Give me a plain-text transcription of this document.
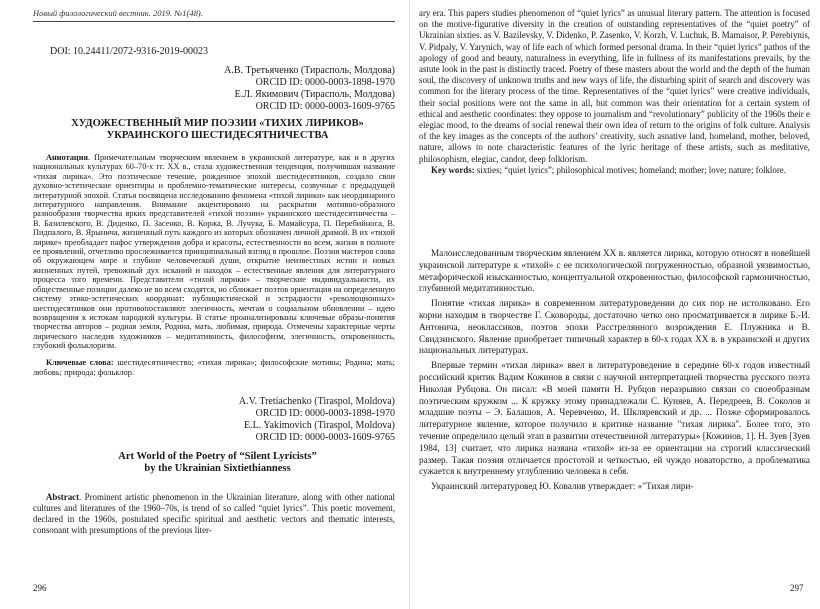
Новый филологический вестник. 2019. №1(48).
DOI: 10.24411/2072-9316-2019-00023
А.В. Третьяченко (Тирасполь, Молдова)
ORCID ID: 0000-0003-1898-1970
Е.Л. Якимович (Тирасполь, Молдова)
ORCID ID: 0000-0003-1609-9765
ХУДОЖЕСТВЕННЫЙ МИР ПОЭЗИИ «ТИХИХ ЛИРИКОВ»
УКРАИНСКОГО ШЕСТИДЕСЯТНИЧЕСТВА

Аннотация. Примечательным творческим явлением в украинской литературе, как и в других национальных культурах 60–70-х гг. ХХ в., стала художественная тенденция, получившая название «тихая лирика». Это поэтическое течение, рожденное эпохой шестидесятников, создало свои духовно-эстетические ориентиры и проблемно-тематические интересы, созвучные с предыдущей литературной эпохой. Статья посвящена исследованию феномена «тихой лирики» как неординарного литературного направления. Внимание акцентировано на раскрытии мотивно-образного разнообразия творчества ярких представителей «тихой поэзии» украинского шестидесятничества – В. Базилевского, В. Диденко, П. Засенко, В. Коржа, В. Лучука, Б. Мамайсура, П. Перебийноса, В. Пидпалого, В. Ярынича, жизненный путь каждого из которых обозначен личной драмой. В их «тихой лирике» преобладает пафос утверждения добра и красоты, естественности во всем, жизни в полноте ее проявлений, отчетливо прослеживается принципиальный взгляд в прошлое. Поэзия мастеров слова об окружающем мире и глубине человеческой души, открытие неизвестных истин и новых жизненных путей, тревожный дух исканий и находок – естественные явления для литературного процесса того времени. Представители «тихой лирики» – творческие индивидуальности, их общественные позиции далеко не во всем сходятся, но сближает поэтов ориентация на определенную систему этико-эстетических координат: публицистической и эстрадности «революционных» шестидесятников они противопоставляют элегичность, мечтам о социальном обновлении – идею возвращения к истокам народной культуры. В статье проанализированы ключевые образы-понятия творчества авторов – родная земля, Родина, мать, любимая, природа. Отмечены характерные черты лирического наследия художников – медитативность, философизм, элегичность, откровенность, глубокий фольклоризм.

Ключевые слова: шестидесятничество; «тихая лирика»; философские мотивы; Родина; мать; любовь; природа; фольклор.
A.V. Tretiachenko (Tiraspol, Moldova)
ORCID ID: 0000-0003-1898-1970
E.L. Yakimovich (Tiraspol, Moldova)
ORCID ID: 0000-0003-1609-9765
Art World of the Poetry of “Silent Lyricists”
by the Ukrainian Sixtiethianness

Abstract. Prominent artistic phenomenon in the Ukrainian literature, along with other national cultures and literatures of the 1960–70s, is trend of so called “quiet lyrics”. This poetic movement, declared in the 1960s, postulated specific spiritual and aesthetic vectors and thematic interests, consonant with presumptions of the previous liter-

296

ary era. This papers studies phenomenon of “quiet lyrics” as unusual literary pattern. The attention is focused on the motive-figurative diversity in the creation of outstanding representatives of the “quiet poetry” of Ukrainian sixties. as V. Bazilevsky, V. Didenko, P. Zasenko, V. Korzh, V. Luchuk, B. Mamaisor, P. Perebiynis, V. Pidpaly, V. Yarynich, way of life each of which formed personal drama. In their “quiet lyrics” pathos of the apology of good and beauty, naturalness in everything, life in fullness of its manifestations prevails, by the astute look in the past is distinctly traced. Poetry of these masters about the world and the depth of the human soul, the discovery of unknown truths and new ways of life, the disturbing spirit of search and discovery was common for the literary process of the time. Representatives of the “quiet lyrics” were creative individuals, their social positions were not the same in all, but common was their orientation for a certain system of ethical and aesthetic coordinates: they oppose to journalism and “revolutionary” publicity of the 1960s their e elegiac mood, to the dreams of social renewal their own idea of return to the origins of folk culture. Analysis of the key images as the concepts of the authors’ creativity, such asnative land, homeland, mother, beloved, nature, allows to note characteristic features of the lyric heritage of these artists, such as meditative, philosophism, elegiac, candor, deep folklorism.

Key words: sixties; “quiet lyrics”; philosophical motives; homeland; mother; love; nature; folklore.

Малоисследованным творческим явлением ХХ в. является лирика, которую относят в новейшей украинской литературе к «тихой» с ее психологической погруженностью, образной уязвимостью, метафорической изысканностью, концептуальной откровенностью, философской гармоничностью, глубинной медитативностью.

Понятие «тихая лирика» в современном литературоведении до сих пор не истолковано. Его корни находим в творчестве Г. Сковороды, достаточно четко оно просматривается в лирике Б.-И. Антонича, неоклассиков, поэтов эпохи Расстрелянного возрождения Е. Плужника и В. Свидзинского. Явление приобретает типичный характер в 60-х годах ХХ в. в украинской и других национальных литературах.

Впервые термин «тихая лирика» ввел в литературоведение в середине 60-х годов известный российский критик Вадим Кожинов в связи с научной интерпретацией творчества русского поэта Николая Рубцова. Он писал: «В моей памяти Н. Рубцов неразрывно связан со своеобразным поэтическим кружком ... К кружку этому принадлежали С. Куняев, А. Передреев, В. Соколов и младшие поэты – Э. Балашов, А. Черевченко, И. Шкляревский и др. ... Позже сформировалось литературное явление, которое получило в критике название "тихая лирика". Более того, это течение определило целый этап в развитии отечественной литературы» [Кожинов, 1]. Н. Зуев [Зуев 1984, 13] считает, что лирика названа «тихой» из-за ее ориентации на строгий классический размер. Такая поэзия отличается простотой и четкостью, ей чуждо новаторство, а проблематика сужается к внутреннему углублению человека в себя.

Украинский литературовед Ю. Ковалив утверждает: «"Тихая лири-

297
